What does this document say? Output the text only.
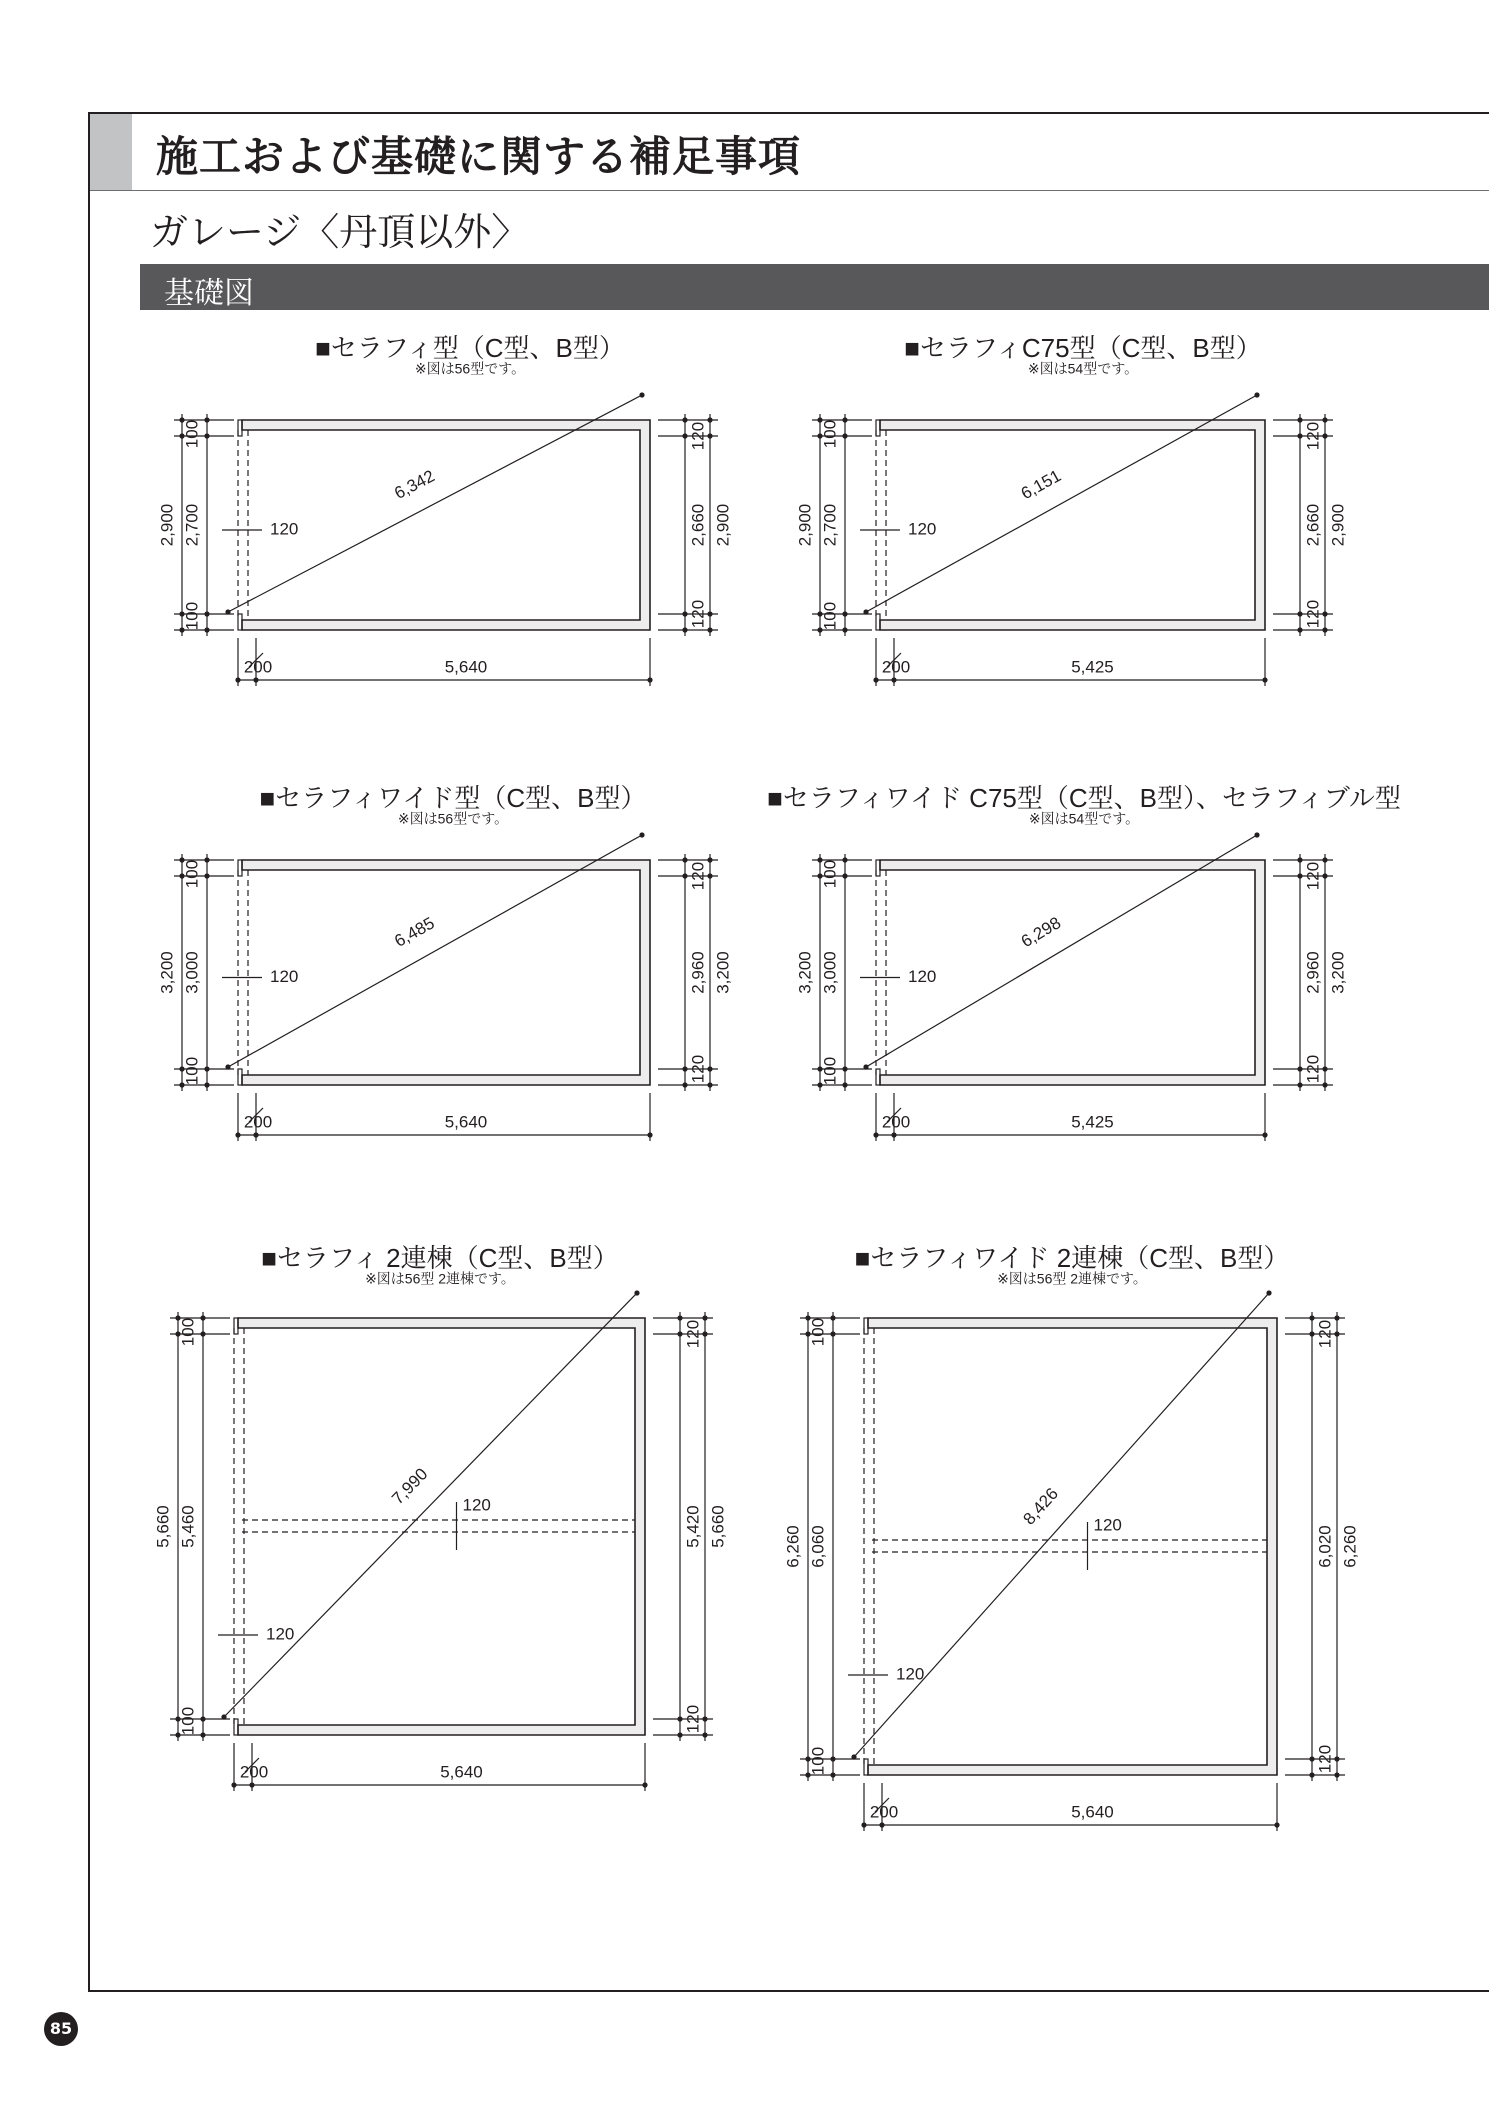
施工および基礎に関する補足事項
ガレージ〈丹頂以外〉
基礎図
■セラフィ型（C型、B型）
※図は56型です。
6,342
120
2,900 2,700
100
100
120
2,660
120
2,900
200	5,640
■セラフィC75型（C型、B型）
※図は54型です。
6,151
120
2,900 2,700
100
100
120
2,660
120
2,900
200	5,425
■セラフィワイド型（C型、B型）
※図は56型です。
6,485
120
3,200 3,000
100
100
120
2,960
120
3,200
200	5,640
■セラフィワイド C75型（C型、B型）、セラフィブル型
※図は54型です。
6,298
120
3,200 3,000
100
100
120
2,960
120
3,200
200	5,425
■セラフィ 2連棟（C型、B型）
※図は56型 2連棟です。
120
7,990
120
5,660 5,460
100
100
120
5,420
120
5,660
200	5,640
■セラフィワイド 2連棟（C型、B型）
※図は56型 2連棟です。
120
8,426
120
6,260 6,060
100
100
120
6,020
120
6,260
200	5,640
85
